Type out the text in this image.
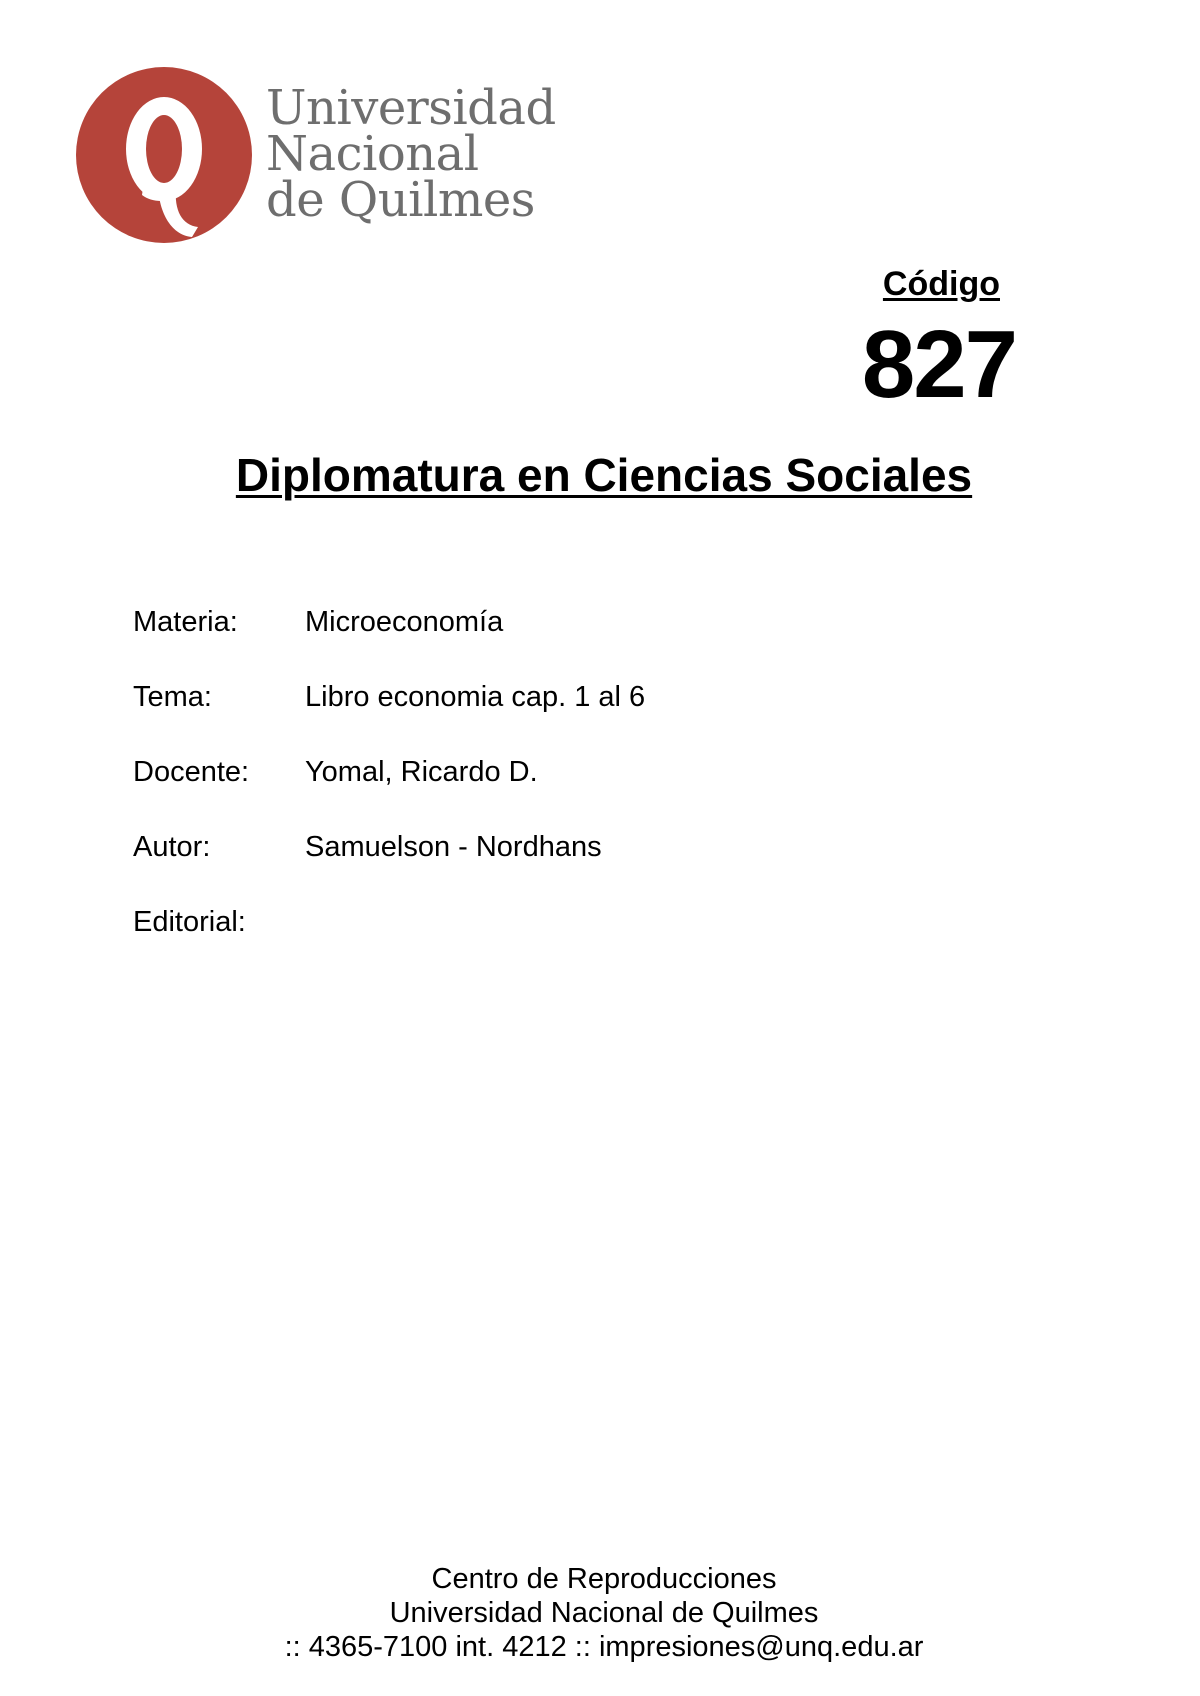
Universidad
Nacional
de Quilmes
Código
827
Diplomatura en Ciencias Sociales
Materia: Microeconomía
Tema:	Libro economia cap. 1 al 6
Docente: Yomal, Ricardo D.
Autor:	Samuelson - Nordhans
Editorial:
Centro de Reproducciones
Universidad Nacional de Quilmes
:: 4365-7100 int. 4212 :: impresiones@unq.edu.ar
